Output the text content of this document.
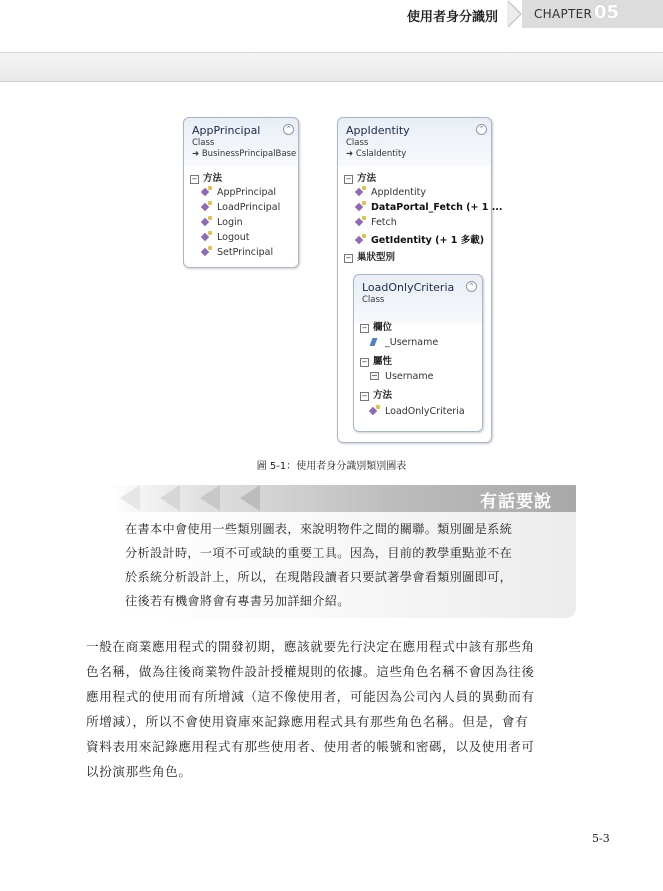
使用者身分識別	CHAPTER 05
AppPrincipal	⌃
Class
➜ BusinessPrincipalBase
− 方法
AppPrincipal
LoadPrincipal
Login
Logout
SetPrincipal
AppIdentity	⌃
Class
➜ CslaIdentity
− 方法
AppIdentity
DataPortal_Fetch (+ 1 ...
Fetch
GetIdentity (+ 1 多載)
− 巢狀型別
LoadOnlyCriteria	⌃
Class
− 欄位
_Username
− 屬性
Username
− 方法
LoadOnlyCriteria
圖 5-1：使用者身分識別類別圖表
有話要說
在書本中會使用一些類別圖表，來說明物件之間的關聯。類別圖是系統
分析設計時，一項不可或缺的重要工具。因為，目前的教學重點並不在
於系統分析設計上，所以，在現階段讀者只要試著學會看類別圖即可，
往後若有機會將會有專書另加詳細介紹。
一般在商業應用程式的開發初期，應該就要先行決定在應用程式中該有那些角
色名稱，做為往後商業物件設計授權規則的依據。這些角色名稱不會因為往後
應用程式的使用而有所增減（這不像使用者，可能因為公司內人員的異動而有
所增減），所以不會使用資庫來記錄應用程式具有那些角色名稱。但是，會有
資料表用來記錄應用程式有那些使用者、使用者的帳號和密碼，以及使用者可
以扮演那些角色。
5-3
